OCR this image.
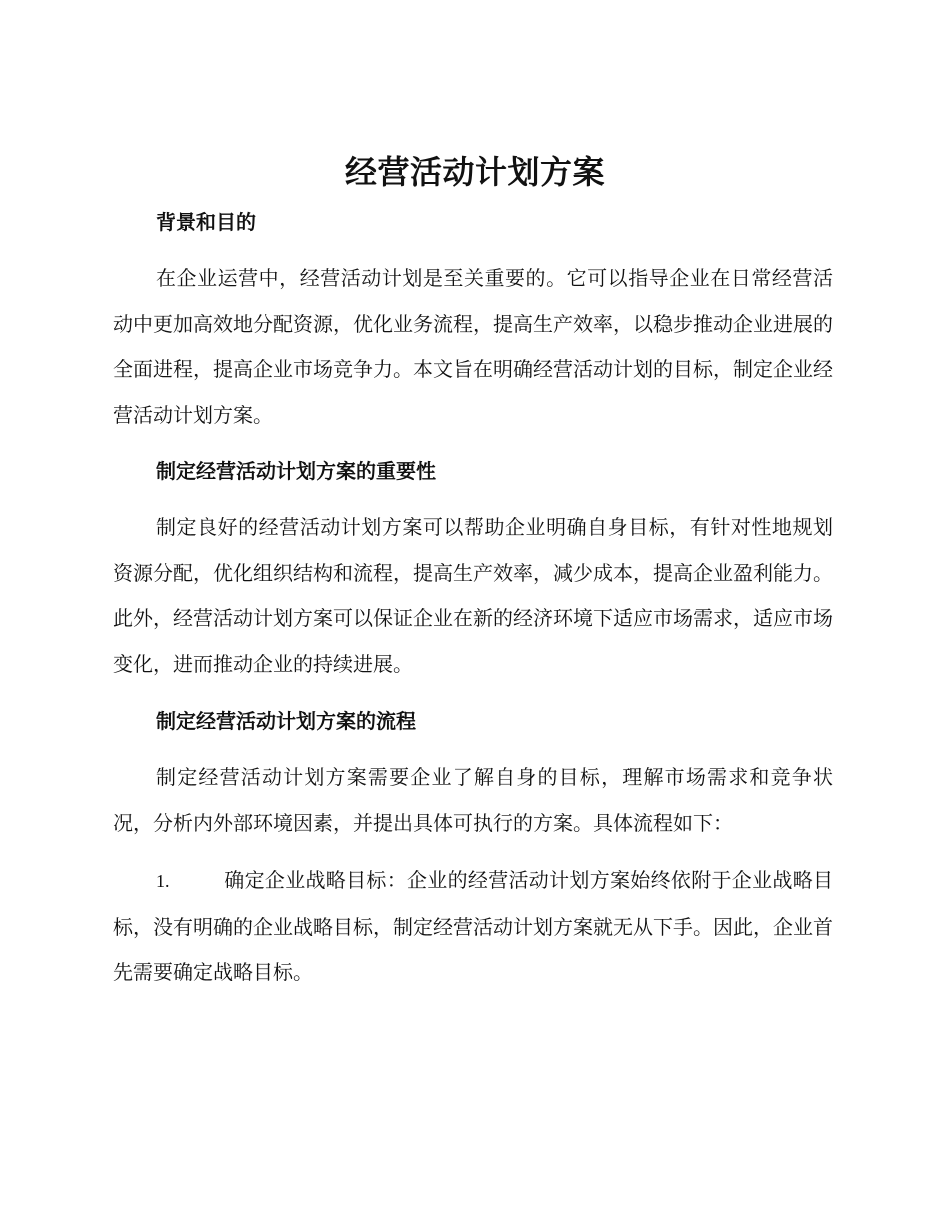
经营活动计划方案
背景和目的

在企业运营中，经营活动计划是至关重要的。它可以指导企业在日常经营活动中更加高效地分配资源，优化业务流程，提高生产效率，以稳步推动企业进展的全面进程，提高企业市场竞争力。本文旨在明确经营活动计划的目标，制定企业经营活动计划方案。

制定经营活动计划方案的重要性

制定良好的经营活动计划方案可以帮助企业明确自身目标，有针对性地规划资源分配，优化组织结构和流程，提高生产效率，减少成本，提高企业盈利能力。此外，经营活动计划方案可以保证企业在新的经济环境下适应市场需求，适应市场变化，进而推动企业的持续进展。

制定经营活动计划方案的流程

制定经营活动计划方案需要企业了解自身的目标，理解市场需求和竞争状况，分析内外部环境因素，并提出具体可执行的方案。具体流程如下：

1.	确定企业战略目标：企业的经营活动计划方案始终依附于企业战略目标，没有明确的企业战略目标，制定经营活动计划方案就无从下手。因此，企业首先需要确定战略目标。
